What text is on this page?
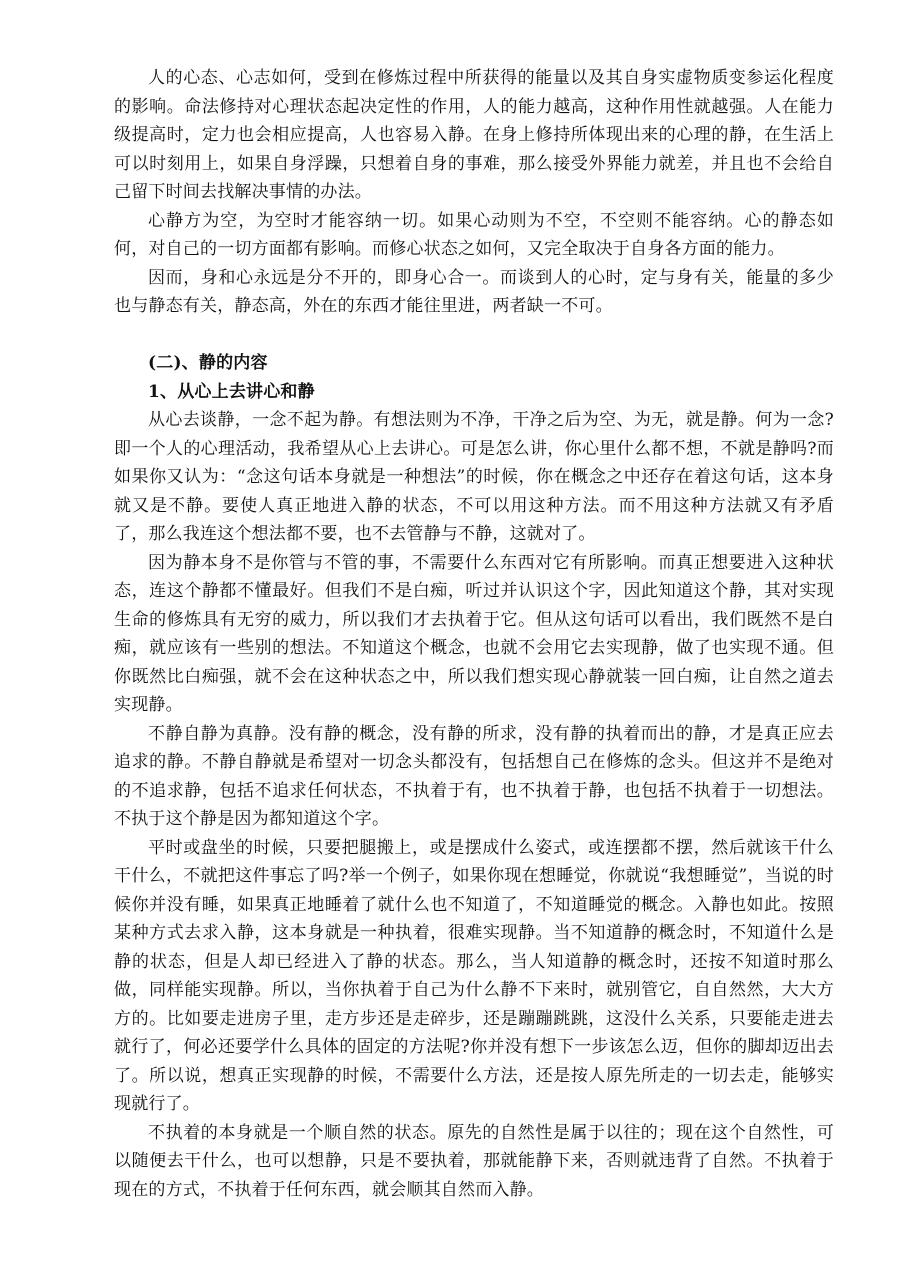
人的心态、心志如何，受到在修炼过程中所获得的能量以及其自身实虚物质变参运化程度的影响。命法修持对心理状态起决定性的作用，人的能力越高，这种作用性就越强。人在能力级提高时，定力也会相应提高，人也容易入静。在身上修持所体现出来的心理的静，在生活上可以时刻用上，如果自身浮躁，只想着自身的事难，那么接受外界能力就差，并且也不会给自己留下时间去找解决事情的办法。

心静方为空，为空时才能容纳一切。如果心动则为不空，不空则不能容纳。心的静态如何，对自己的一切方面都有影响。而修心状态之如何，又完全取决于自身各方面的能力。

因而，身和心永远是分不开的，即身心合一。而谈到人的心时，定与身有关，能量的多少也与静态有关，静态高，外在的东西才能往里进，两者缺一不可。

(二)、静的内容

1、从心上去讲心和静

从心去谈静，一念不起为静。有想法则为不净，干净之后为空、为无，就是静。何为一念?即一个人的心理活动，我希望从心上去讲心。可是怎么讲，你心里什么都不想，不就是静吗?而如果你又认为：“念这句话本身就是一种想法”的时候，你在概念之中还存在着这句话，这本身就又是不静。要使人真正地进入静的状态，不可以用这种方法。而不用这种方法就又有矛盾了，那么我连这个想法都不要，也不去管静与不静，这就对了。

因为静本身不是你管与不管的事，不需要什么东西对它有所影响。而真正想要进入这种状态，连这个静都不懂最好。但我们不是白痴，听过并认识这个字，因此知道这个静，其对实现生命的修炼具有无穷的威力，所以我们才去执着于它。但从这句话可以看出，我们既然不是白痴，就应该有一些别的想法。不知道这个概念，也就不会用它去实现静，做了也实现不通。但你既然比白痴强，就不会在这种状态之中，所以我们想实现心静就装一回白痴，让自然之道去实现静。

不静自静为真静。没有静的概念，没有静的所求，没有静的执着而出的静，才是真正应去追求的静。不静自静就是希望对一切念头都没有，包括想自己在修炼的念头。但这并不是绝对的不追求静，包括不追求任何状态，不执着于有，也不执着于静，也包括不执着于一切想法。不执于这个静是因为都知道这个字。

平时或盘坐的时候，只要把腿搬上，或是摆成什么姿式，或连摆都不摆，然后就该干什么干什么，不就把这件事忘了吗?举一个例子，如果你现在想睡觉，你就说“我想睡觉”，当说的时候你并没有睡，如果真正地睡着了就什么也不知道了，不知道睡觉的概念。入静也如此。按照某种方式去求入静，这本身就是一种执着，很难实现静。当不知道静的概念时，不知道什么是静的状态，但是人却已经进入了静的状态。那么，当人知道静的概念时，还按不知道时那么做，同样能实现静。所以，当你执着于自己为什么静不下来时，就别管它，自自然然，大大方方的。比如要走进房子里，走方步还是走碎步，还是蹦蹦跳跳，这没什么关系，只要能走进去就行了，何必还要学什么具体的固定的方法呢?你并没有想下一步该怎么迈，但你的脚却迈出去了。所以说，想真正实现静的时候，不需要什么方法，还是按人原先所走的一切去走，能够实现就行了。

不执着的本身就是一个顺自然的状态。原先的自然性是属于以往的；现在这个自然性，可以随便去干什么，也可以想静，只是不要执着，那就能静下来，否则就违背了自然。不执着于现在的方式，不执着于任何东西，就会顺其自然而入静。
